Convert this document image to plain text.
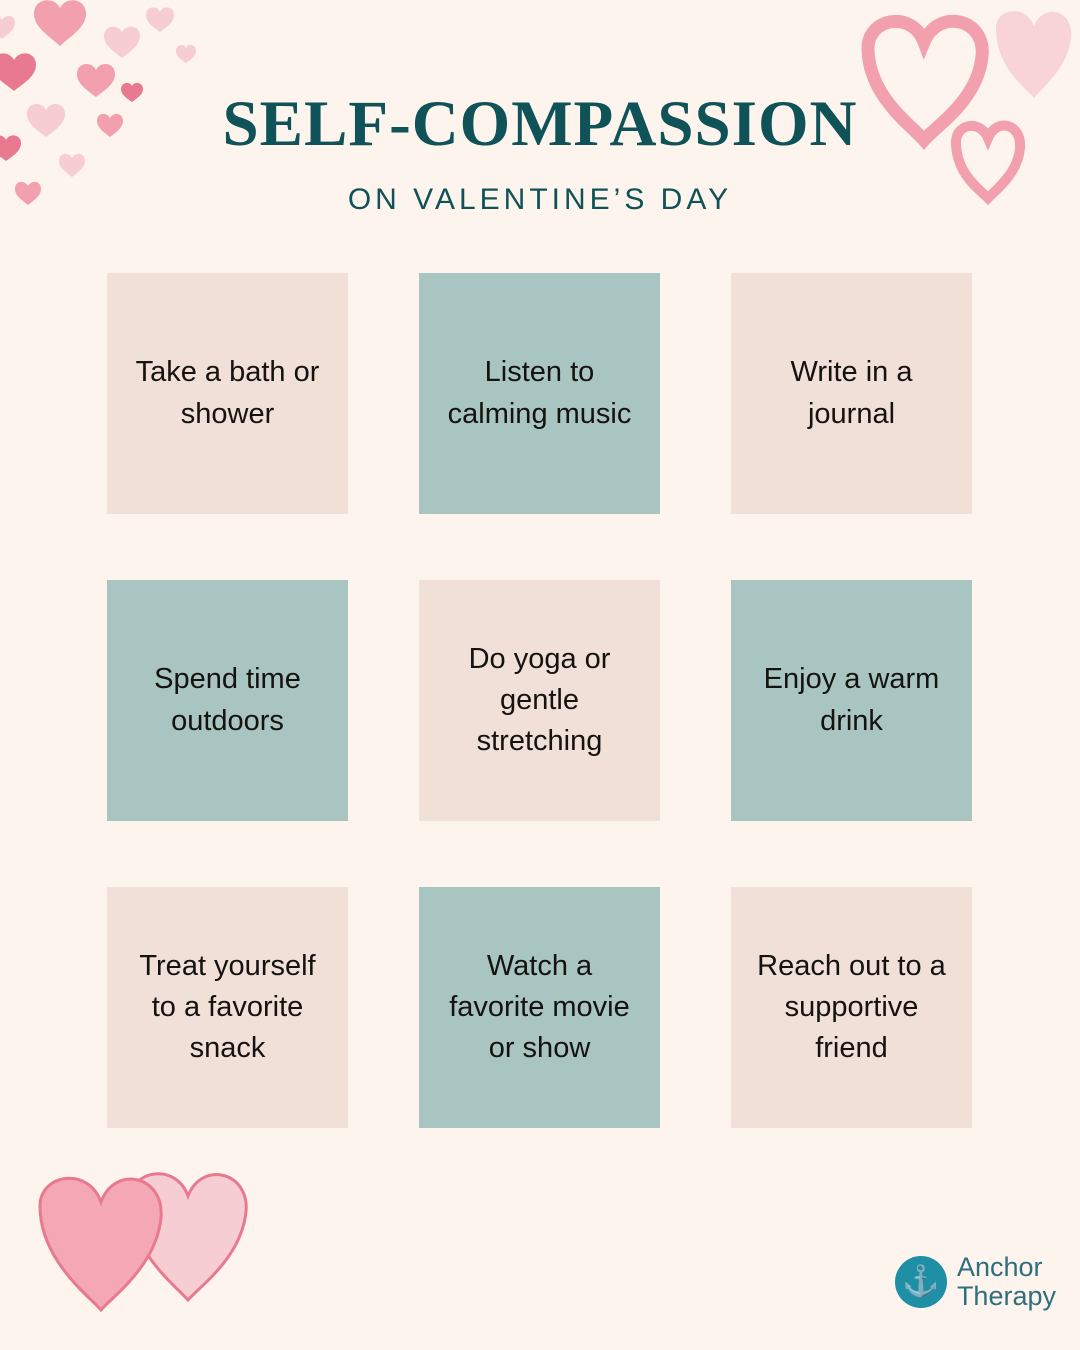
SELF-COMPASSION

ON VALENTINE’S DAY

Take a bath or shower
Listen to calming music
Write in a journal
Spend time outdoors
Do yoga or gentle stretching
Enjoy a warm drink
Treat yourself to a favorite snack
Watch a favorite movie or show
Reach out to a supportive friend
⚓ Anchor
Therapy
